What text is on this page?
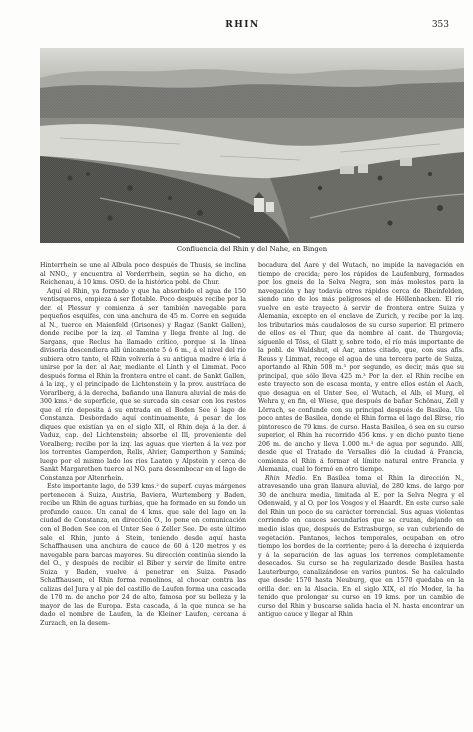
RHIN	353
Confluencia del Rhin y del Nahe, en Bingen

Hinterrhein se une al Albula poco después de Thusis, se inclina al NNO., y encuentra al Vorderrhein, según se ha dicho, en Reichenau, á 10 kms. OSO. de la histórica pobl. de Chur.

Aquí el Rhin, ya formado y que ha absorbido el agua de 150 ventisqueros, empieza á ser flotable. Poco después recibe por la der. el Plessur y comienza á ser también navegable para pequeños esquifes, con una anchura de 45 m. Corre en seguida al N., tuerce en Maienfeld (Grisones) y Ragaz (Sankt Gallen), donde recibe por la izq. el Tamina y llega frente al lug. de Sargans, que Reclus ha llamado crítico, porque si la línea divisoria descendiera allí únicamente 5 ó 6 m., á el nivel del río subiera otro tanto, el Rhin volvería á su antigua madre é iría á unirse por la der. al Aar, mediante el Linth y el Limmat. Poco después forma el Rhin la frontera entre el cant. de Sankt Gallen, á la izq., y el principado de Lichtenstein y la prov. austríaca de Vorarlberg, á la derecha, bañando una llanura aluvial de más de 300 kms.² de superficie, que se surcada sin cesar con los restos que el río deposita á su entrada en el Boden See ó lago de Constanza. Desbordado aquí continuamente, á pesar de los diques que existían ya en el siglo XII, el Rhin deja á la der. á Vaduz, cap. del Lichtenstein; absorbe el Ill, proveniente del Voralberg; recibe por la izq. las aguas que vierten á la vez por los torrentes Gamperdon, Rells, Alvier, Gamperthon y Saminá; luego por el mismo lado los ríos Laaten y Alpstein y cerca de Sankt Margarethen tuerce al NO. para desembocar en el lago de Constanza por Altenrhein.

Este importante lago, de 539 kms.² de superf. cuyas márgenes pertenecen á Suiza, Austria, Baviera, Wurtemberg y Baden, recibe un Rhin de aguas turbias, que ha formado en su fondo un profundo cauce. Un canal de 4 kms. que sale del lago en la ciudad de Constanza, en dirección O., lo pone en comunicación con el Boden See con el Unter See ó Zeller See. De este último sale el Rhin, junto á Stein, teniendo desde aquí hasta Schaffhausen una anchura de cauce de 60 á 120 metros y es navegable para barcas mayores. Su dirección continúa siendo la del O., y después de recibir el Biber y servir de límite entre Suiza y Baden, vuelve á penetrar en Suiza. Pasado Schaffhausen, el Rhin forma remolinos, al chocar contra las calizas del Jura y al pie del castillo de Laufen forma una cascada de 170 m. de ancho por 24 de alto, famosa por su belleza y la mayor de las de Europa. Esta cascada, á la que nunca se ha dado el nombre de Laufen, la de Kleiner Laufen, cercana á Zurzach, en la desem-

bocadura del Aare y del Wutach, no impide la navegación en tiempo de crecida; pero los rápidos de Laufenburg, formados por los gneis de la Selva Negra, son más molestos para la navegación y hay todavía otros rápidos cerca de Rheinfelden, siendo uno de los más peligrosos el de Höllenhacken. El río vuelve en este trayecto á servir de frontera entre Suiza y Alemania, excepto en el enclave de Zurich, y recibe por la izq. los tributarios más caudalosos de su curso superior. El primero de ellos es el Thur, que da nombre al cant. de Thurgovia; síguenle el Töss, el Glatt y, sobre todo, el río más importante de la pobl. de Waldshut, el Aar, antes citado, que, con sus afls. Reuss y Limmat, recoge el agua de una tercera parte de Suiza, aportando al Rhin 508 m.³ por segundo, es decir, más que su principal, que sólo lleva 425 m.³ Por la der. el Rhin recibe en este trayecto son de escasa monta, y entre ellos están el Aach, que desagua en el Unter See, el Wutach, el Alb, el Murg, el Wehra y, en fin, el Wiese, que después de bañar Schönau, Zell y Lörrach, se confunde con su principal después de Basilea. Un poco antes de Basilea, donde el Rhin forma el lago del Birse, río pintoresco de 79 kms. de curso. Hasta Basilea, ó sea en su curso superior, el Rhin ha recorrido 456 kms. y en dicho punto tiene 206 m. de ancho y lleva 1.000 m.³ de agua por segundo. Allí, desde que el Tratado de Versalles dió la ciudad á Francia, comienza el Rhin á formar el límite natural entre Francia y Alemania, cual lo formó en otro tiempo.

Rhin Medio. En Basilea toma el Rhin la dirección N., atravesando una gran llanura aluvial, de 280 kms. de largo por 30 de anchura media, limitada al E. por la Selva Negra y el Odenwald, y al O. por los Vosgos y el Haardt. En este curso sale del Rhin un poco de su carácter torrencial. Sus aguas violentas corriendo en cauces secundarios que se cruzan, dejando en medio islas que, después de Estrasburgo, se van cubriendo de vegetación. Pantanos, lechos temporales, ocupaban en otro tiempo los bordes de la corriente; pero á la derecha é izquierda y á la separación de las aguas los terrenos completamente desecados. Su curso se ha regularizado desde Basilea hasta Lauterburgo, canalizándose en varios puntos. Se ha calculado que desde 1570 hasta Neuburg, que en 1570 quedaba en la orilla der. en la Alsacia. En el siglo XIX, el río Moder, la ha tenido que prolongar su curso en 19 kms. por un cambio de curso del Rhin y buscarse salida hacia el N. hasta encontrar un antiguo cauce y llegar al Rhin
